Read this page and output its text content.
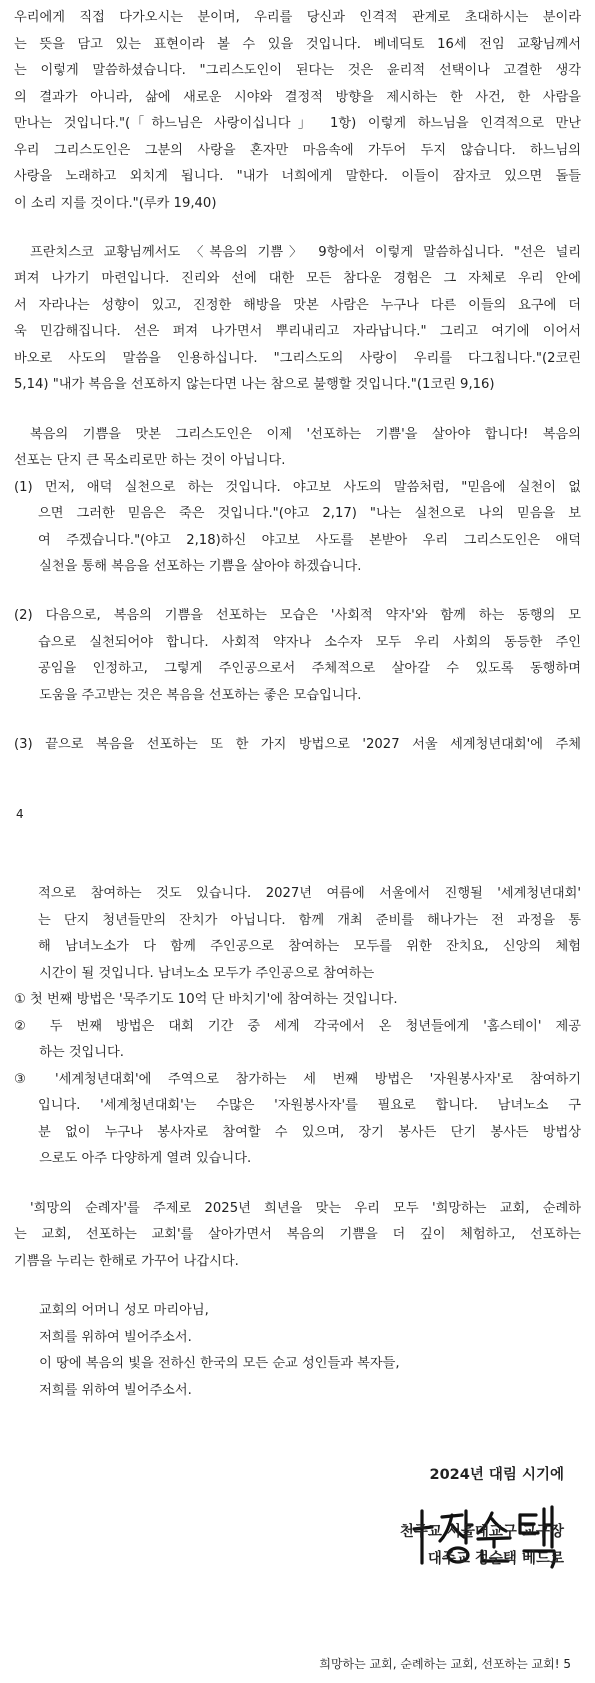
우리에게 직접 다가오시는 분이며, 우리를 당신과 인격적 관계로 초대하시는 분이라
는 뜻을 담고 있는 표현이라 볼 수 있을 것입니다. 베네딕토 16세 전임 교황님께서
는 이렇게 말씀하셨습니다. "그리스도인이 된다는 것은 윤리적 선택이나 고결한 생각
의 결과가 아니라, 삶에 새로운 시야와 결정적 방향을 제시하는 한 사건, 한 사람을
만나는 것입니다."(「하느님은 사랑이십니다」 1항) 이렇게 하느님을 인격적으로 만난
우리 그리스도인은 그분의 사랑을 혼자만 마음속에 가두어 두지 않습니다. 하느님의
사랑을 노래하고 외치게 됩니다. "내가 너희에게 말한다. 이들이 잠자코 있으면 돌들
이 소리 지를 것이다."(루카 19,40)
프란치스코 교황님께서도 〈복음의 기쁨〉 9항에서 이렇게 말씀하십니다. "선은 널리
퍼져 나가기 마련입니다. 진리와 선에 대한 모든 참다운 경험은 그 자체로 우리 안에
서 자라나는 성향이 있고, 진정한 해방을 맛본 사람은 누구나 다른 이들의 요구에 더
욱 민감해집니다. 선은 퍼져 나가면서 뿌리내리고 자라납니다." 그리고 여기에 이어서
바오로 사도의 말씀을 인용하십니다. "그리스도의 사랑이 우리를 다그칩니다."(2코린
5,14) "내가 복음을 선포하지 않는다면 나는 참으로 불행할 것입니다."(1코린 9,16)
복음의 기쁨을 맛본 그리스도인은 이제 '선포하는 기쁨'을 살아야 합니다! 복음의
선포는 단지 큰 목소리로만 하는 것이 아닙니다.
(1) 먼저, 애덕 실천으로 하는 것입니다. 야고보 사도의 말씀처럼, "믿음에 실천이 없
으면 그러한 믿음은 죽은 것입니다."(야고 2,17) "나는 실천으로 나의 믿음을 보
여 주겠습니다."(야고 2,18)하신 야고보 사도를 본받아 우리 그리스도인은 애덕
실천을 통해 복음을 선포하는 기쁨을 살아야 하겠습니다.
(2) 다음으로, 복음의 기쁨을 선포하는 모습은 '사회적 약자'와 함께 하는 동행의 모
습으로 실천되어야 합니다. 사회적 약자나 소수자 모두 우리 사회의 동등한 주인
공임을 인정하고, 그렇게 주인공으로서 주체적으로 살아갈 수 있도록 동행하며
도움을 주고받는 것은 복음을 선포하는 좋은 모습입니다.
(3) 끝으로 복음을 선포하는 또 한 가지 방법으로 '2027 서울 세계청년대회'에 주체
적으로 참여하는 것도 있습니다. 2027년 여름에 서울에서 진행될 '세계청년대회'
는 단지 청년들만의 잔치가 아닙니다. 함께 개최 준비를 해나가는 전 과정을 통
해 남녀노소가 다 함께 주인공으로 참여하는 모두를 위한 잔치요, 신앙의 체험
시간이 될 것입니다. 남녀노소 모두가 주인공으로 참여하는
① 첫 번째 방법은 '묵주기도 10억 단 바치기'에 참여하는 것입니다.
② 두 번째 방법은 대회 기간 중 세계 각국에서 온 청년들에게 '홈스테이' 제공
하는 것입니다.
③ '세계청년대회'에 주역으로 참가하는 세 번째 방법은 '자원봉사자'로 참여하기
입니다. '세계청년대회'는 수많은 '자원봉사자'를 필요로 합니다. 남녀노소 구
분 없이 누구나 봉사자로 참여할 수 있으며, 장기 봉사든 단기 봉사든 방법상
으로도 아주 다양하게 열려 있습니다.
'희망의 순례자'를 주제로 2025년 희년을 맞는 우리 모두 '희망하는 교회, 순례하
는 교회, 선포하는 교회'를 살아가면서 복음의 기쁨을 더 깊이 체험하고, 선포하는
기쁨을 누리는 한해로 가꾸어 나갑시다.
교회의 어머니 성모 마리아님,
저희를 위하여 빌어주소서.
이 땅에 복음의 빛을 전하신 한국의 모든 순교 성인들과 복자들,
저희를 위하여 빌어주소서.
4
2024년 대림 시기에
천주교 서울대교구 교구장
대주교 정순택 베드로
희망하는 교회, 순례하는 교회, 선포하는 교회! 5
